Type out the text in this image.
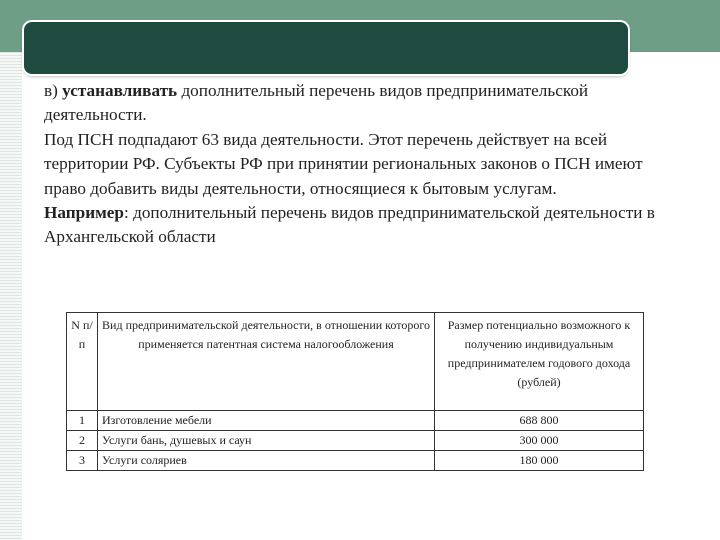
в) устанавливать дополнительный перечень видов предпринимательской деятельности.

Под ПСН подпадают 63 вида деятельности. Этот перечень действует на всей территории РФ. Субъекты РФ при принятии региональных законов о ПСН имеют право добавить виды деятельности, относящиеся к бытовым услугам.

Например: дополнительный перечень видов предпринимательской деятельности в Архангельской области

N п/п	Вид предпринимательской деятельности, в отношении которого применяется патентная система налогообложения	Размер потенциально возможного к получению индивидуальным предпринимателем годового дохода (рублей)
1	Изготовление мебели	688 800
2	Услуги бань, душевых и саун	300 000
3	Услуги соляриев	180 000
